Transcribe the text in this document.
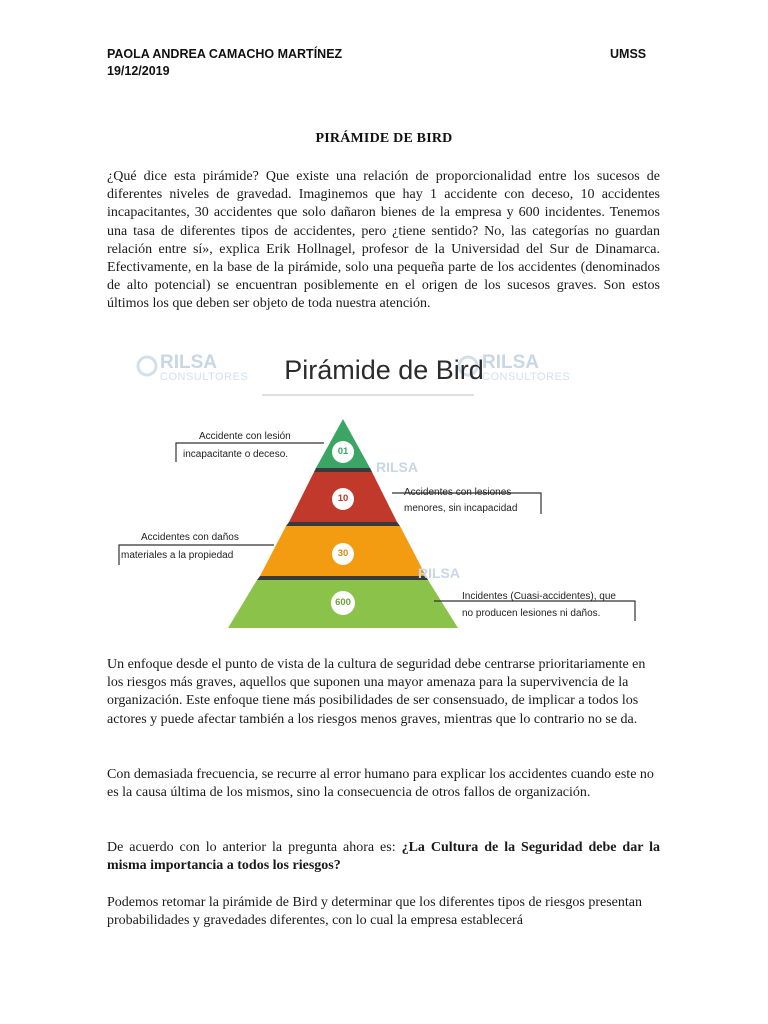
PAOLA ANDREA CAMACHO MARTÍNEZ
19/12/2019
UMSS
PIRÁMIDE DE BIRD
¿Qué dice esta pirámide? Que existe una relación de proporcionalidad entre los sucesos de diferentes niveles de gravedad. Imaginemos que hay 1 accidente con deceso, 10 accidentes incapacitantes, 30 accidentes que solo dañaron bienes de la empresa y 600 incidentes. Tenemos una tasa de diferentes tipos de accidentes, pero ¿tiene sentido? No, las categorías no guardan relación entre sí», explica Erik Hollnagel, profesor de la Universidad del Sur de Dinamarca. Efectivamente, en la base de la pirámide, solo una pequeña parte de los accidentes (denominados de alto potencial) se encuentran posiblemente en el origen de los sucesos graves. Son estos últimos los que deben ser objeto de toda nuestra atención.
RILSA
CONSULTORES
RILSA
CONSULTORES
RILSA
RILSA
Pirámide de Bird
01
10
30
600
Accidente con lesión
incapacitante o deceso.
Accidentes con lesiones
menores, sin incapacidad
Accidentes con daños
materiales a la propiedad
Incidentes (Cuasi-accidentes), que
no producen lesiones ni daños.
Un enfoque desde el punto de vista de la cultura de seguridad debe centrarse prioritariamente en los riesgos más graves, aquellos que suponen una mayor amenaza para la supervivencia de la organización. Este enfoque tiene más posibilidades de ser consensuado, de implicar a todos los actores y puede afectar también a los riesgos menos graves, mientras que lo contrario no se da.
Con demasiada frecuencia, se recurre al error humano para explicar los accidentes cuando este no es la causa última de los mismos, sino la consecuencia de otros fallos de organización.
De acuerdo con lo anterior la pregunta ahora es: ¿La Cultura de la Seguridad debe dar la misma importancia a todos los riesgos?
Podemos retomar la pirámide de Bird y determinar que los diferentes tipos de riesgos presentan probabilidades y gravedades diferentes, con lo cual la empresa establecerá
